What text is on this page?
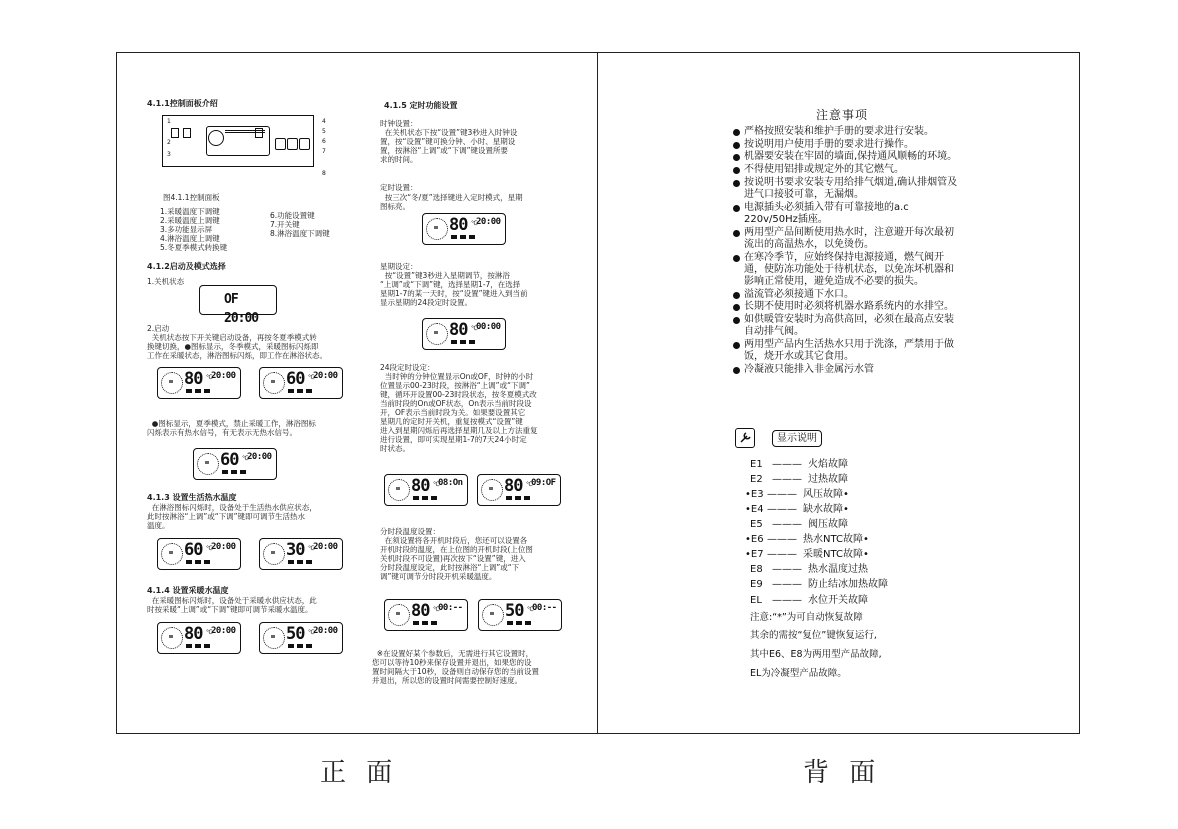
4.1.1控制面板介绍
1
2
3
4
5
6
7
8
图4.1.1控制面板
1.采暖温度下调键
2.采暖温度上调键
3.多功能显示屏
4.淋浴温度上调键
5.冬夏季模式转换键
6.功能设置键
7.开关键
8.淋浴温度下调键
4.1.2启动及模式选择
1.关机状态
OF 20:00
2.启动
关机状态按下开关键启动设备，再按冬夏季模式转
换键切换，●图标显示，冬季模式，采暖图标闪烁即
工作在采暖状态，淋浴图标闪烁，即工作在淋浴状态。
80 ℃
20:00	60 ℃
20:00
●图标显示，夏季模式，禁止采暖工作，淋浴图标
闪烁表示有热水信号，有无表示无热水信号。
60 ℃
20:00
4.1.3 设置生活热水温度
在淋浴图标闪烁时，设备处于生活热水供应状态，
此时按淋浴“上调”或“下调”键即可调节生活热水
温度。
60 ℃
20:00	30 ℃
20:00
4.1.4 设置采暖水温度
在采暖图标闪烁时，设备处于采暖水供应状态，此
时按采暖“上调”或“下调”键即可调节采暖水温度。
80 ℃
20:00	50 ℃
20:00
4.1.5 定时功能设置
时钟设置：
在关机状态下按“设置”键3秒进入时钟设
置，按“设置”键可换分钟、小时、星期设
置，按淋浴“上调”或“下调”键设置所要
求的时间。
定时设置：
按三次“冬/夏”选择键进入定时模式，星期
图标亮。
80 ℃
20:00
星期设定：
按“设置”键3秒进入星期调节，按淋浴
“上调”或“下调”键，选择星期1-7，在选择
星期1-7的某一天时，按“设置”键进入到当前
显示星期的24段定时设置。
80 ℃
00:00
24段定时设定：
当时钟的分钟位置显示On或OF，时钟的小时
位置显示00-23时段，按淋浴“上调”或“下调”
键，循环开设置00-23时段状态，按冬夏模式改
当前时段的On或OF状态，On表示当前时段设
开，OF表示当前时段为关。如果要设置其它
星期几的定时开关机，重复按模式“设置”键
进入到星期闪烁后再选择星期几及以上方法重复
进行设置，即可实现星期1-7的7天24小时定
时状态。
80 ℃
08:On 80 ℃
09:OF
分时段温度设置：
在须设置将各开机时段后，您还可以设置各
开机时段的温度，在上位图的开机时段(上位图
关机时段不可设置)再次按下“设置”键，进入
分时段温度设定，此时按淋浴“上调”或“下
调”键可调节分时段开机采暖温度。
80 ℃
00:-- 50 ℃
00:--
※在设置好某个参数后，无需进行其它设置时，
您可以等待10秒来保存设置并退出，如果您的设
置时间隔大于10秒，设备则自动保存您的当前设置
并退出，所以您的设置时间需要控制好速度。
注意事项
严格按照安装和维护手册的要求进行安装。
按说明用户使用手册的要求进行操作。
机器要安装在牢固的墙面,保持通风顺畅的环境。
不得使用铝排或规定外的其它燃气。
按说明书要求安装专用给排气烟道,确认排烟管及进气口接驳可靠，无漏烟。
电源插头必须插入带有可靠接地的a.c 220v/50Hz插座。
两用型产品间断使用热水时，注意避开每次最初流出的高温热水，以免烫伤。
在寒冷季节，应始终保持电源接通，燃气阀开通，使防冻功能处于待机状态，以免冻坏机器和影响正常使用，避免造成不必要的损失。
溢流管必须接通下水口。
长期不使用时必须将机器水路系统内的水排空。
如供暖管安装时为高供高回，必须在最高点安装自动排气阀。
两用型产品内生活热水只用于洗涤，严禁用于做饭，烧开水或其它食用。
冷凝液只能排入非金属污水管
显示说明
E1 ——— 火焰故障
E2 ——— 过热故障
•E3 ——— 风压故障•
•E4 ——— 缺水故障•
E5 ——— 阀压故障
•E6 ——— 热水NTC故障•
•E7 ——— 采暖NTC故障•
E8 ——— 热水温度过热
E9 ——— 防止结冰加热故障
EL ——— 水位开关故障
注意:“*”为可自动恢复故障
其余的需按“复位”键恢复运行,
其中E6、E8为两用型产品故障,
EL为冷凝型产品故障。
正 面	背 面
